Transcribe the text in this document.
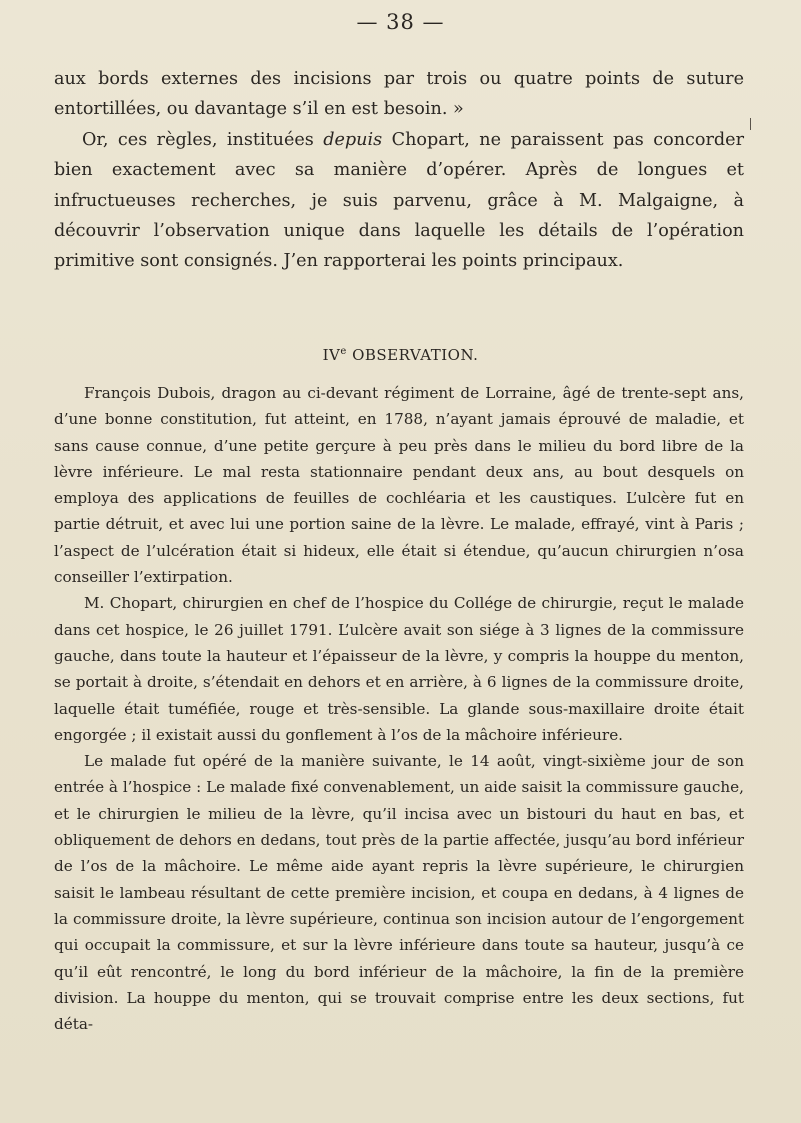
— 38 —

aux bords externes des incisions par trois ou quatre points de suture entortillées, ou davantage s’il en est besoin. »

Or, ces règles, instituées depuis Chopart, ne paraissent pas concorder bien exactement avec sa manière d’opérer. Après de longues et infructueuses recherches, je suis parvenu, grâce à M. Malgaigne, à découvrir l’observation unique dans laquelle les détails de l’opération primitive sont consignés. J’en rapporterai les points principaux.

IVe OBSERVATION.

François Dubois, dragon au ci-devant régiment de Lorraine, âgé de trente-sept ans, d’une bonne constitution, fut atteint, en 1788, n’ayant jamais éprouvé de maladie, et sans cause connue, d’une petite gerçure à peu près dans le milieu du bord libre de la lèvre inférieure. Le mal resta stationnaire pendant deux ans, au bout desquels on employa des applications de feuilles de cochléaria et les caustiques. L’ulcère fut en partie détruit, et avec lui une portion saine de la lèvre. Le malade, effrayé, vint à Paris ; l’aspect de l’ulcération était si hideux, elle était si étendue, qu’aucun chirurgien n’osa conseiller l’extirpation.

M. Chopart, chirurgien en chef de l’hospice du Collége de chirurgie, reçut le malade dans cet hospice, le 26 juillet 1791. L’ulcère avait son siége à 3 lignes de la commissure gauche, dans toute la hauteur et l’épaisseur de la lèvre, y compris la houppe du menton, se portait à droite, s’étendait en dehors et en arrière, à 6 lignes de la commissure droite, laquelle était tuméfiée, rouge et très-sensible. La glande sous-maxillaire droite était engorgée ; il existait aussi du gonflement à l’os de la mâchoire inférieure.

Le malade fut opéré de la manière suivante, le 14 août, vingt-sixième jour de son entrée à l’hospice : Le malade fixé convenablement, un aide saisit la commissure gauche, et le chirurgien le milieu de la lèvre, qu’il incisa avec un bistouri du haut en bas, et obliquement de dehors en dedans, tout près de la partie affectée, jusqu’au bord inférieur de l’os de la mâchoire. Le même aide ayant repris la lèvre supérieure, le chirurgien saisit le lambeau résultant de cette première incision, et coupa en dedans, à 4 lignes de la commissure droite, la lèvre supérieure, continua son incision autour de l’engorgement qui occupait la commissure, et sur la lèvre inférieure dans toute sa hauteur, jusqu’à ce qu’il eût rencontré, le long du bord inférieur de la mâchoire, la fin de la première division. La houppe du menton, qui se trouvait comprise entre les deux sections, fut déta-
